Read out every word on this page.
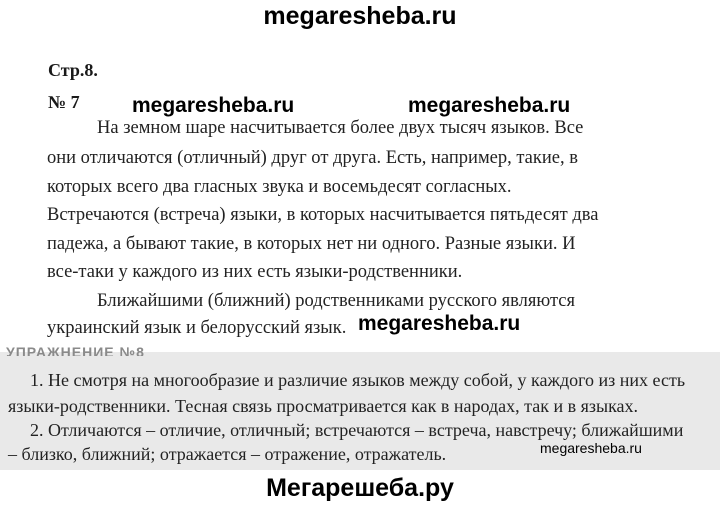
megaresheba.ru
Стр.8.
№ 7 megaresheba.ru	megaresheba.ru
На земном шаре насчитывается более двух тысяч языков. Все
они отличаются (отличный) друг от друга. Есть, например, такие, в
которых всего два гласных звука и восемьдесят согласных.
Встречаются (встреча) языки, в которых насчитывается пятьдесят два
падежа, а бывают такие, в которых нет ни одного. Разные языки. И
все-таки у каждого из них есть языки-родственники.
Ближайшими (ближний) родственниками русского являются
украинский язык и белорусский язык.
УПРАЖНЕНИЕ №8
megaresheba.ru
1. Не смотря на многообразие и различие языков между собой, у каждого из них есть
языки-родственники. Тесная связь просматривается как в народах, так и в языках.
2. Отличаются – отличие, отличный; встречаются – встреча, навстречу; ближайшими
– близко, ближний; отражается – отражение, отражатель.	megaresheba.ru
Мегарешеба.ру
